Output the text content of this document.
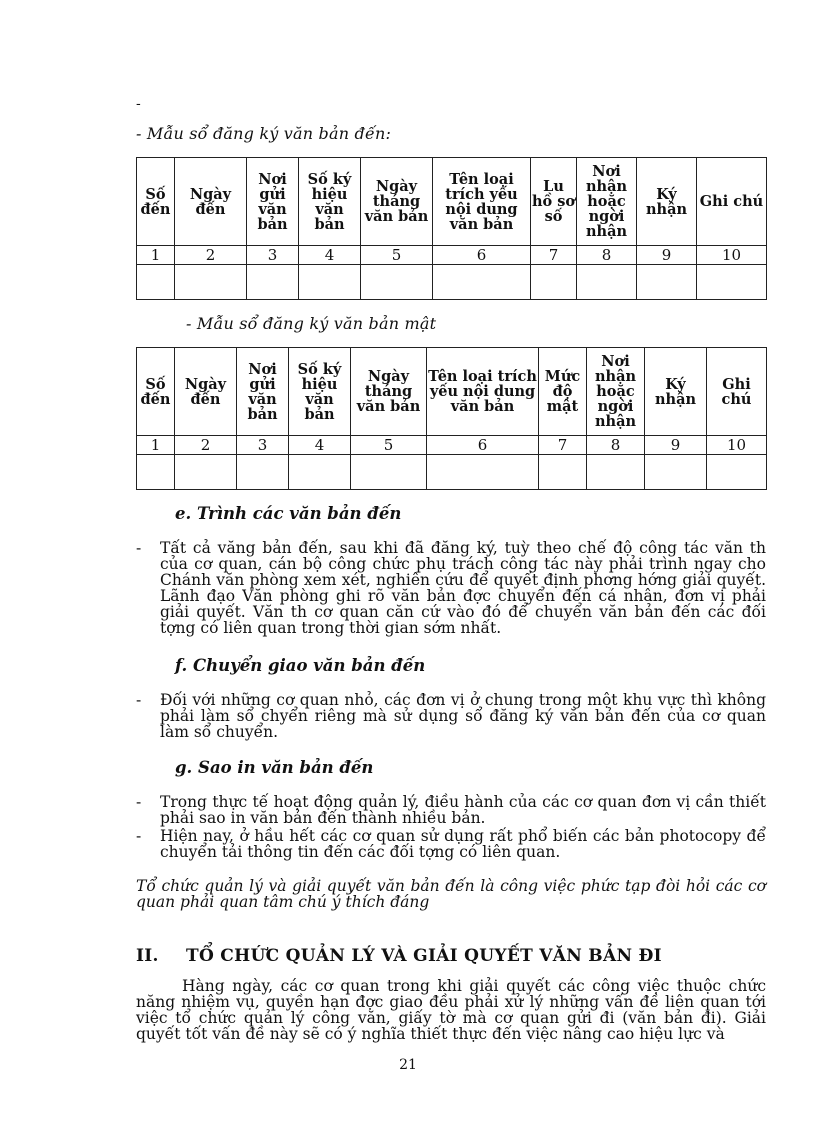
-
- Mẫu sổ đăng ký văn bản đến:
Số đến	Ngày đến	Nơi gửi văn bản	Số ký hiệu văn bản	Ngày tháng văn bản	Tên loại trích yếu nội dung văn bản	Lu hồ sơ số	Nơi nhận hoặc ngời nhận	Ký nhận	Ghi chú
1	2	3	4	5	6	7	8	9	10

- Mẫu sổ đăng ký văn bản mật
Số đến	Ngày đến	Nơi gửi văn bản	Số ký hiệu văn bản	Ngày tháng văn bản	Tên loại trích yếu nội dung văn bản	Mức độ mật	Nơi nhận hoặc ngời nhận	Ký nhận	Ghi chú
1	2	3	4	5	6	7	8	9	10

e. Trình các văn bản đến
- Tất cả văng bản đến, sau khi đã đăng ký, tuỳ theo chế độ công tác văn th của cơ quan, cán bộ công chức phụ trách công tác này phải trình ngay cho Chánh văn phòng xem xét, nghiên cứu để quyết định phơng hớng giải quyết. Lãnh đạo Văn phòng ghi rõ văn bản đợc chuyển đến cá nhân, đơn vị phải giải quyết. Văn th cơ quan căn cứ vào đó để chuyển văn bản đến các đối tợng có liên quan trong thời gian sớm nhất.
f. Chuyển giao văn bản đến
- Đối với những cơ quan nhỏ, các đơn vị ở chung trong một khu vực thì không phải làm sổ chyển riêng mà sử dụng sổ đăng ký văn bản đến của cơ quan làm sổ chuyển.
g. Sao in văn bản đến
- Trong thực tế hoạt động quản lý, điều hành của các cơ quan đơn vị cần thiết phải sao in văn bản đến thành nhiều bản.
- Hiện nay, ở hầu hết các cơ quan sử dụng rất phổ biến các bản photocopy để chuyển tải thông tin đến các đối tợng có liên quan.
Tổ chức quản lý và giải quyết văn bản đến là công việc phức tạp đòi hỏi các cơ quan phải quan tâm chú ý thích đáng
II. TỔ CHỨC QUẢN LÝ VÀ GIẢI QUYẾT VĂN BẢN ĐI
Hàng ngày, các cơ quan trong khi giải quyết các công việc thuộc chức năng nhiệm vụ, quyền hạn đợc giao đều phải xử lý những vấn đề liên quan tới việc tổ chức quản lý công văn, giấy tờ mà cơ quan gửi đi (văn bản đi). Giải quyết tốt vấn đề này sẽ có ý nghĩa thiết thực đến việc nâng cao hiệu lực và
21
